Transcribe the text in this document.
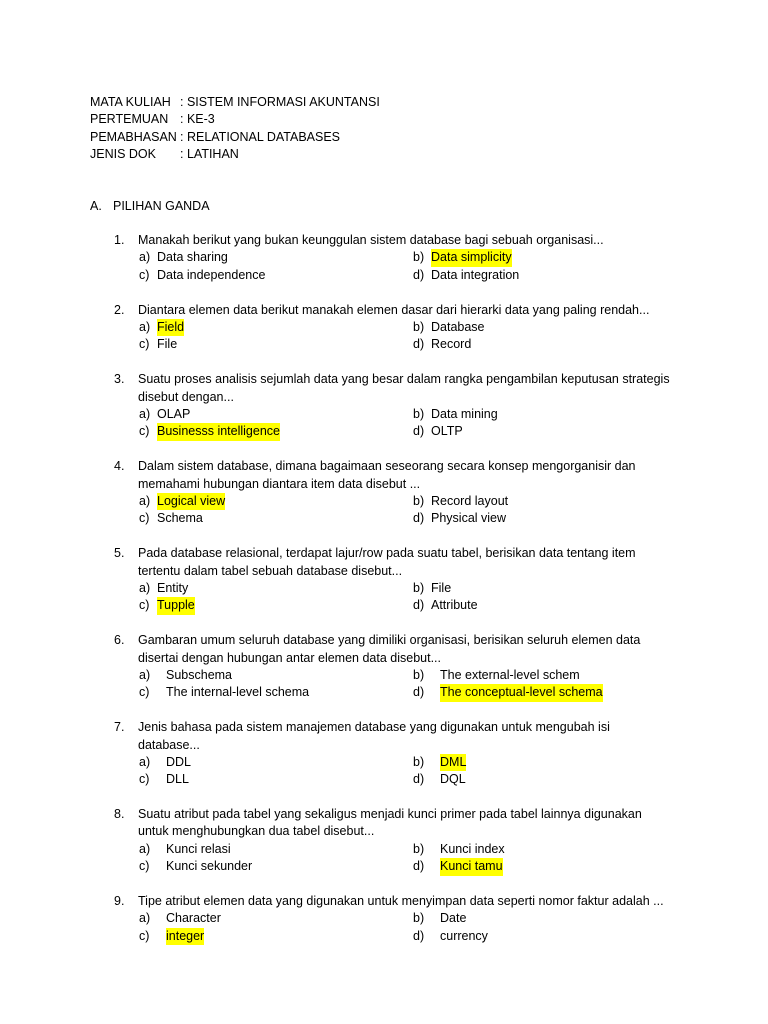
MATA KULIAH	: SISTEM INFORMASI AKUNTANSI
PERTEMUAN	: KE-3
PEMABHASAN : RELATIONAL DATABASES
JENIS DOK	: LATIHAN
A. PILIHAN GANDA
1.	Manakah berikut yang bukan keunggulan sistem database bagi sebuah organisasi...
a ) Data sharing	b ) Data simplicity
c ) Data independence	d ) Data integration
2.	Diantara elemen data berikut manakah elemen dasar dari hierarki data yang paling rendah...
a ) Field	b ) Database
c ) File	d ) Record
3.	Suatu proses analisis sejumlah data yang besar dalam rangka pengambilan keputusan strategis disebut dengan...
a ) OLAP	b ) Data mining
c ) Businesss intelligence	d ) OLTP
4.	Dalam sistem database, dimana bagaimaan seseorang secara konsep mengorganisir dan memahami hubungan diantara item data disebut ...
a ) Logical view	b ) Record layout
c ) Schema	d ) Physical view
5.	Pada database relasional, terdapat lajur/row pada suatu tabel, berisikan data tentang item tertentu dalam tabel sebuah database disebut...
a ) Entity	b ) File
c ) Tupple	d ) Attribute
6.	Gambaran umum seluruh database yang dimiliki organisasi, berisikan seluruh elemen data disertai dengan hubungan antar elemen data disebut...
a )	Subschema	b )	The external-level schem
c )	The internal-level schema	d )	The conceptual-level schema
7.	Jenis bahasa pada sistem manajemen database yang digunakan untuk mengubah isi database...
a )	DDL	b )	DML
c )	DLL	d )	DQL
8.	Suatu atribut pada tabel yang sekaligus menjadi kunci primer pada tabel lainnya digunakan untuk menghubungkan dua tabel disebut...
a )	Kunci relasi	b )	Kunci index
c )	Kunci sekunder	d )	Kunci tamu
9.	Tipe atribut elemen data yang digunakan untuk menyimpan data seperti nomor faktur adalah ...
a )	Character	b )	Date
c )	integer	d )	currency
